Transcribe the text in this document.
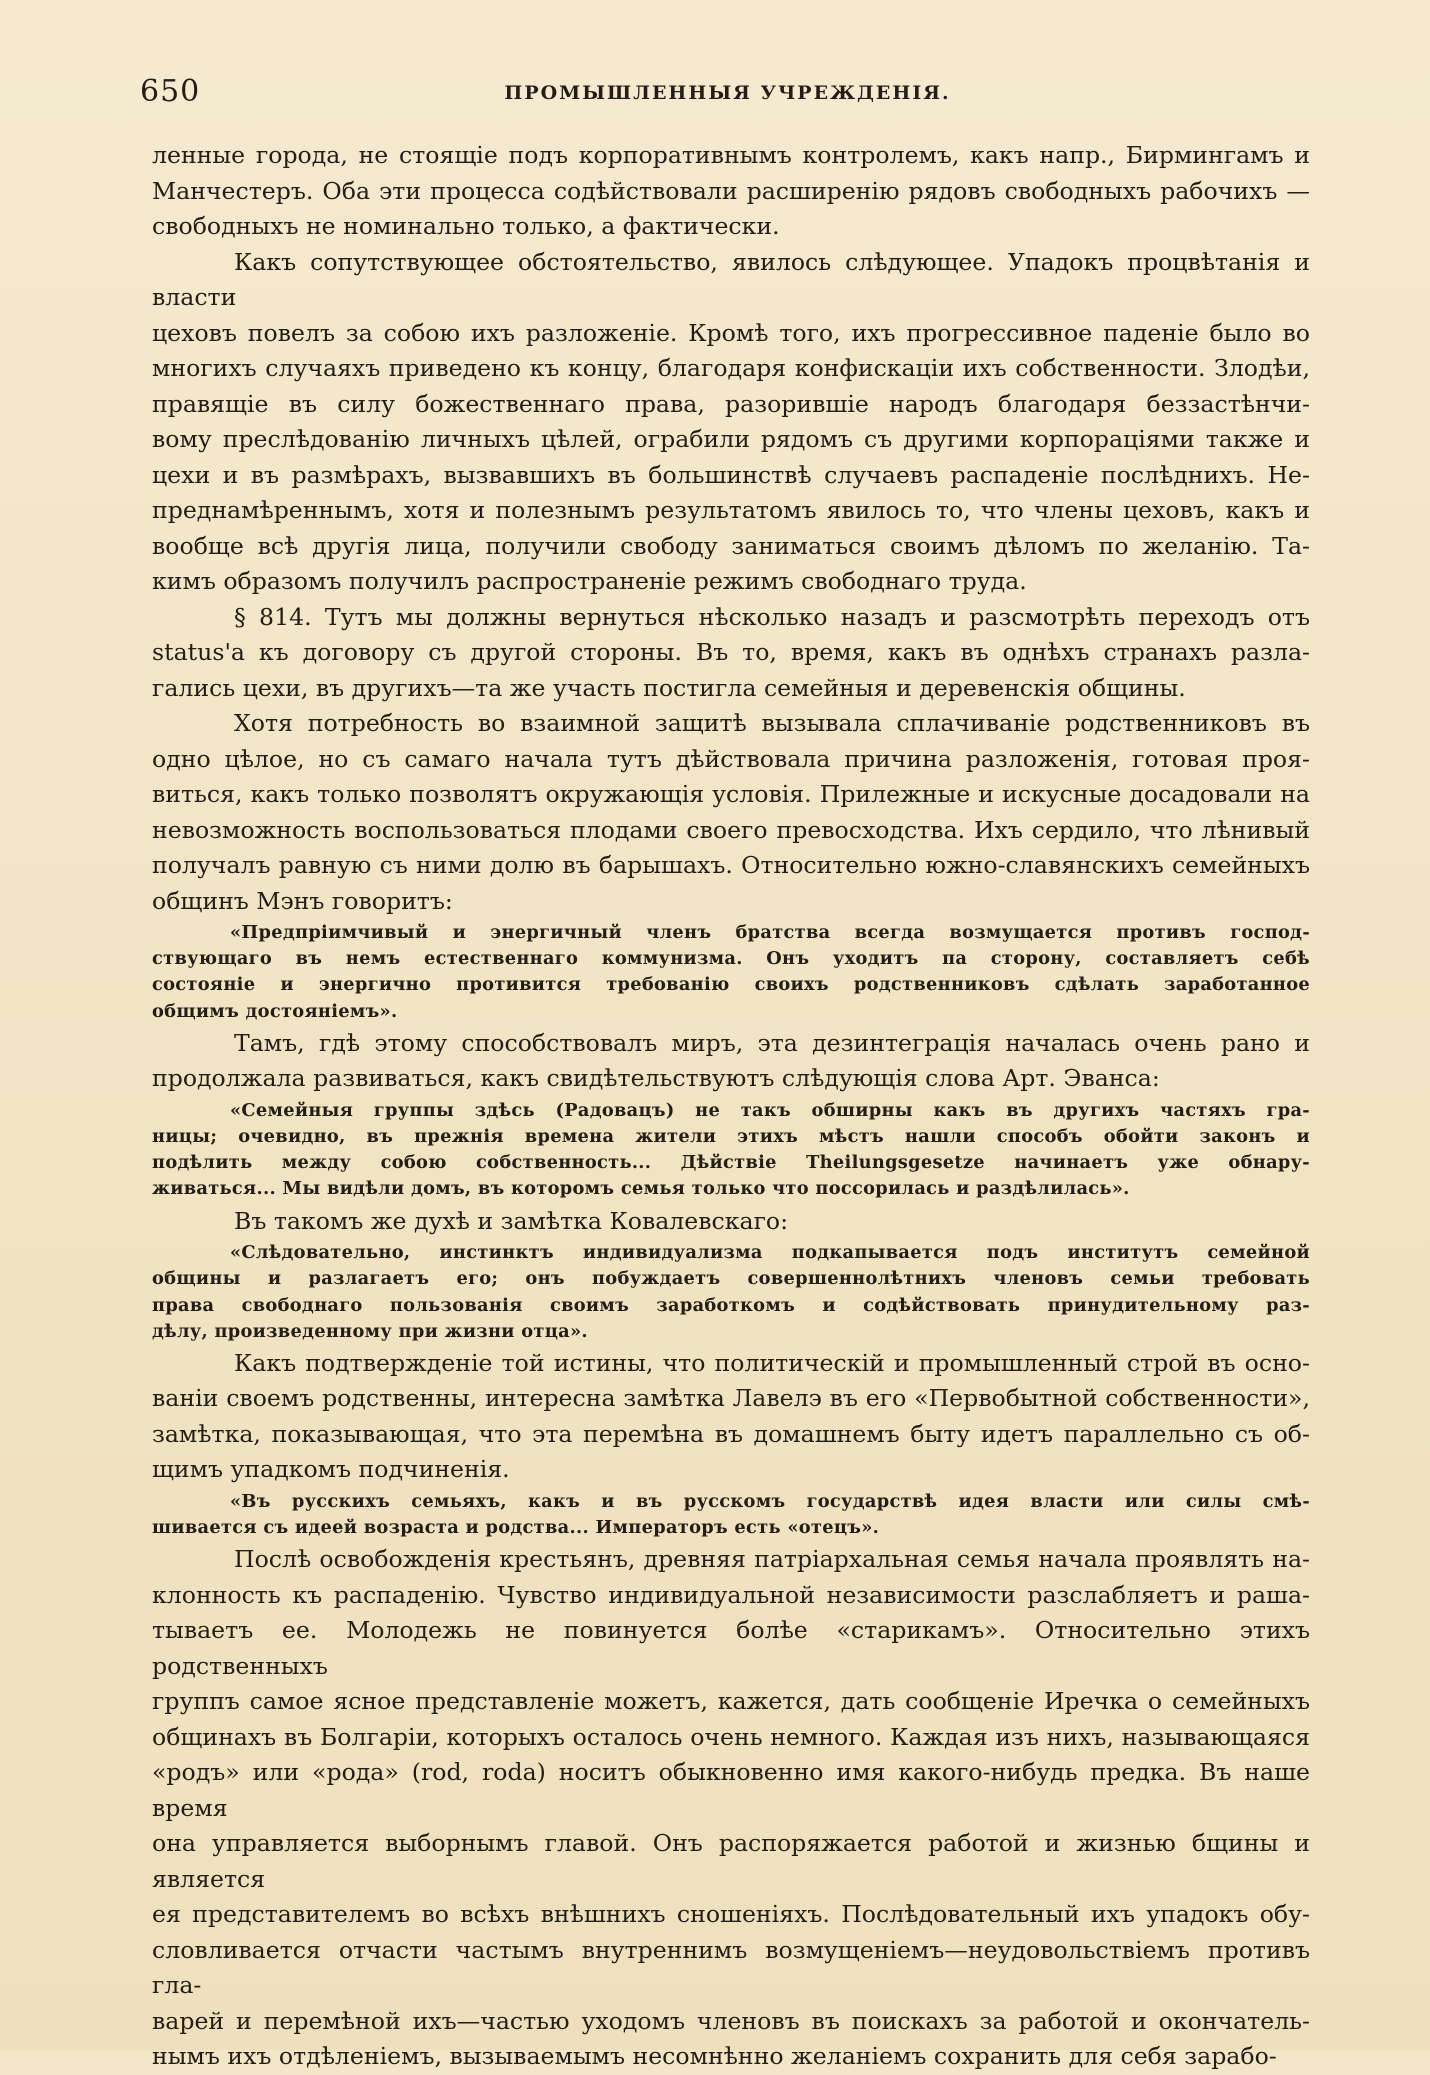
650	ПРОМЫШЛЕННЫЯ УЧРЕЖДЕНІЯ.
ленные города, не стоящіе подъ корпоративнымъ контролемъ, какъ напр., Бирмингамъ и
Манчестеръ. Оба эти процесса содѣйствовали расширенію рядовъ свободныхъ рабочихъ —
свободныхъ не номинально только, а фактически.
Какъ сопутствующее обстоятельство, явилось слѣдующее. Упадокъ процвѣтанія и власти
цеховъ повелъ за собою ихъ разложеніе. Кромѣ того, ихъ прогрессивное паденіе было во
многихъ случаяхъ приведено къ концу, благодаря конфискаціи ихъ собственности. Злодѣи,
правящіе въ силу божественнаго права, разорившіе народъ благодаря беззастѣнчи-
вому преслѣдованію личныхъ цѣлей, ограбили рядомъ съ другими корпораціями также и
цехи и въ размѣрахъ, вызвавшихъ въ большинствѣ случаевъ распаденіе послѣднихъ. Не-
преднамѣреннымъ, хотя и полезнымъ результатомъ явилось то, что члены цеховъ, какъ и
вообще всѣ другія лица, получили свободу заниматься своимъ дѣломъ по желанію. Та-
кимъ образомъ получилъ распространеніе режимъ свободнаго труда.
§ 814. Тутъ мы должны вернуться нѣсколько назадъ и разсмотрѣть переходъ отъ
status'а къ договору съ другой стороны. Въ то, время, какъ въ однѣхъ странахъ разла-
гались цехи, въ другихъ—та же участь постигла семейныя и деревенскія общины.
Хотя потребность во взаимной защитѣ вызывала сплачиваніе родственниковъ въ
одно цѣлое, но съ самаго начала тутъ дѣйствовала причина разложенія, готовая проя-
виться, какъ только позволятъ окружающія условія. Прилежные и искусные досадовали на
невозможность воспользоваться плодами своего превосходства. Ихъ сердило, что лѣнивый
получалъ равную съ ними долю въ барышахъ. Относительно южно-славянскихъ семейныхъ
общинъ Мэнъ говоритъ:
«Предпріимчивый и энергичный членъ братства всегда возмущается противъ господ-
ствующаго въ немъ естественнаго коммунизма. Онъ уходитъ па сторону, составляетъ себѣ
состояніе и энергично противится требованію своихъ родственниковъ сдѣлать заработанное
общимъ достояніемъ».
Тамъ, гдѣ этому способствовалъ миръ, эта дезинтеграція началась очень рано и
продолжала развиваться, какъ свидѣтельствуютъ слѣдующія слова Арт. Эванса:
«Семейныя группы здѣсь (Радовацъ) не такъ обширны какъ въ другихъ частяхъ гра-
ницы; очевидно, въ прежнія времена жители этихъ мѣстъ нашли способъ обойти законъ и
подѣлить между собою собственность... Дѣйствіе Theilungsgesetze начинаетъ уже обнару-
живаться... Мы видѣли домъ, въ которомъ семья только что поссорилась и раздѣлилась».
Въ такомъ же духѣ и замѣтка Ковалевскаго:
«Слѣдовательно, инстинктъ индивидуализма подкапывается подъ институтъ семейной
общины и разлагаетъ его; онъ побуждаетъ совершеннолѣтнихъ членовъ семьи требовать
права свободнаго пользованія своимъ заработкомъ и содѣйствовать принудительному раз-
дѣлу, произведенному при жизни отца».
Какъ подтвержденіе той истины, что политическій и промышленный строй въ осно-
ваніи своемъ родственны, интересна замѣтка Лавелэ въ его «Первобытной собственности»,
замѣтка, показывающая, что эта перемѣна въ домашнемъ быту идетъ параллельно съ об-
щимъ упадкомъ подчиненія.
«Въ русскихъ семьяхъ, какъ и въ русскомъ государствѣ идея власти или силы смѣ-
шивается съ идеей возраста и родства... Императоръ есть «отецъ».
Послѣ освобожденія крестьянъ, древняя патріархальная семья начала проявлять на-
клонность къ распаденію. Чувство индивидуальной независимости разслабляетъ и раша-
тываетъ ее. Молодежь не повинуется болѣе «старикамъ». Относительно этихъ родственныхъ
группъ самое ясное представленіе можетъ, кажется, дать сообщеніе Иречка о семейныхъ
общинахъ въ Болгаріи, которыхъ осталось очень немного. Каждая изъ нихъ, называющаяся
«родъ» или «рода» (rod, roda) носитъ обыкновенно имя какого-нибудь предка. Въ наше время
она управляется выборнымъ главой. Онъ распоряжается работой и жизнью бщины и является
ея представителемъ во всѣхъ внѣшнихъ сношеніяхъ. Послѣдовательный ихъ упадокъ обу-
словливается отчасти частымъ внутреннимъ возмущеніемъ—неудовольствіемъ противъ гла-
варей и перемѣной ихъ—частью уходомъ членовъ въ поискахъ за работой и окончатель-
нымъ ихъ отдѣленіемъ, вызываемымъ несомнѣнно желаніемъ сохранить для себя зарабо-
